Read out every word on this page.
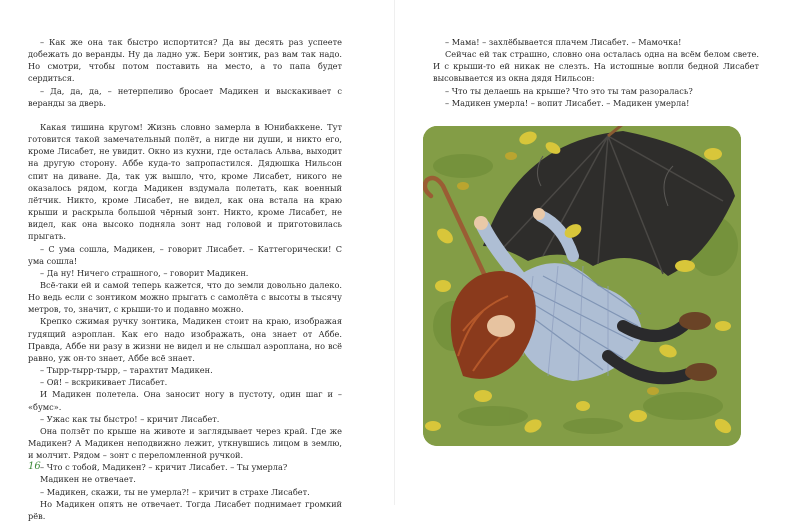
– Как же она так быстро испортится? Да вы десять раз успеете добежать до веранды. Ну да ладно уж. Бери зонтик, раз вам так надо. Но смотри, чтобы потом поставить на место, а то папа будет сердиться.

– Да, да, да, – нетерпеливо бросает Мадикен и выскакивает с веранды за дверь.

Какая тишина кругом! Жизнь словно замерла в Юнибаккене. Тут готовится такой замечательный полёт, а нигде ни души, и никто его, кроме Лисабет, не увидит. Окно из кухни, где осталась Альва, выходит на другую сторону. Аббе куда-то запропастился. Дядюшка Нильсон спит на диване. Да, так уж вышло, что, кроме Лисабет, никого не оказалось рядом, когда Мадикен вздумала полетать, как военный лётчик. Никто, кроме Лисабет, не видел, как она встала на краю крыши и раскрыла большой чёрный зонт. Никто, кроме Лисабет, не видел, как она высоко подняла зонт над головой и приготовилась прыгать.

– С ума сошла, Мадикен, – говорит Лисабет. – Каттегорически! С ума сошла!

– Да ну! Ничего страшного, – говорит Мадикен.

Всё-таки ей и самой теперь кажется, что до земли довольно далеко. Но ведь если с зонтиком можно прыгать с самолёта с высоты в тысячу метров, то, значит, с крыши-то и подавно можно.

Крепко сжимая ручку зонтика, Мадикен стоит на краю, изображая гудящий аэроплан. Как его надо изображать, она знает от Аббе. Правда, Аббе ни разу в жизни не видел и не слышал аэроплана, но всё равно, уж он-то знает, Аббе всё знает.

– Тырр-тырр-тырр, – тарахтит Мадикен.

– Ой! – вскрикивает Лисабет.

И Мадикен полетела. Она заносит ногу в пустоту, один шаг и – «бумс».

– Ужас как ты быстро! – кричит Лисабет.

Она ползёт по крыше на животе и заглядывает через край. Где же Мадикен? А Мадикен неподвижно лежит, уткнувшись лицом в землю, и молчит. Рядом – зонт с переломленной ручкой.

– Что с тобой, Мадикен? – кричит Лисабет. – Ты умерла?

Мадикен не отвечает.

– Мадикен, скажи, ты не умерла?! – кричит в страхе Лисабет.

Но Мадикен опять не отвечает. Тогда Лисабет поднимает громкий рёв.

16

– Мама! – захлёбывается плачем Лисабет. – Мамочка!

Сейчас ей так страшно, словно она осталась одна на всём белом свете. И с крыши-то ей никак не слезть. На истошные вопли бедной Лисабет высовывается из окна дядя Нильсон:

– Что ты делаешь на крыше? Что это ты там разоралась?

– Мадикен умерла! – вопит Лисабет. – Мадикен умерла!
